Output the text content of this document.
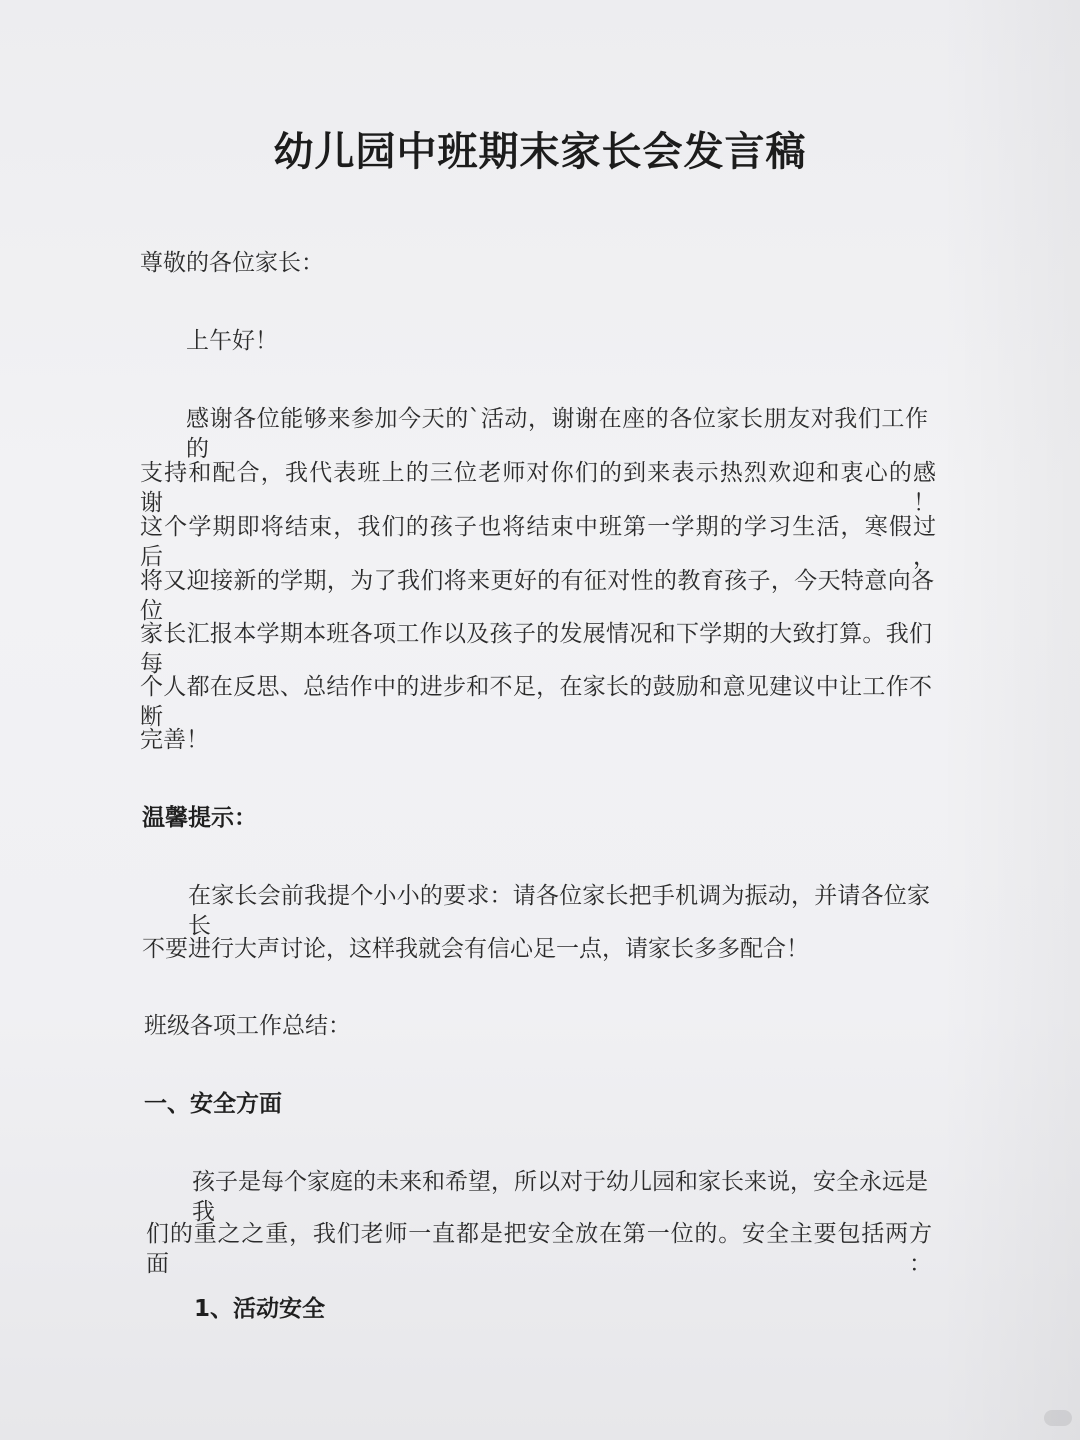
幼儿园中班期末家长会发言稿

尊敬的各位家长：

上午好！

感谢各位能够来参加今天的`活动，谢谢在座的各位家长朋友对我们工作的

支持和配合，我代表班上的三位老师对你们的到来表示热烈欢迎和衷心的感谢！

这个学期即将结束，我们的孩子也将结束中班第一学期的学习生活，寒假过后，

将又迎接新的学期，为了我们将来更好的有征对性的教育孩子，今天特意向各位

家长汇报本学期本班各项工作以及孩子的发展情况和下学期的大致打算。我们每

个人都在反思、总结作中的进步和不足，在家长的鼓励和意见建议中让工作不断

完善！

温馨提示：

在家长会前我提个小小的要求：请各位家长把手机调为振动，并请各位家长

不要进行大声讨论，这样我就会有信心足一点，请家长多多配合！

班级各项工作总结：

一、安全方面

孩子是每个家庭的未来和希望，所以对于幼儿园和家长来说，安全永远是我

们的重之之重，我们老师一直都是把安全放在第一位的。安全主要包括两方面：

1、活动安全
